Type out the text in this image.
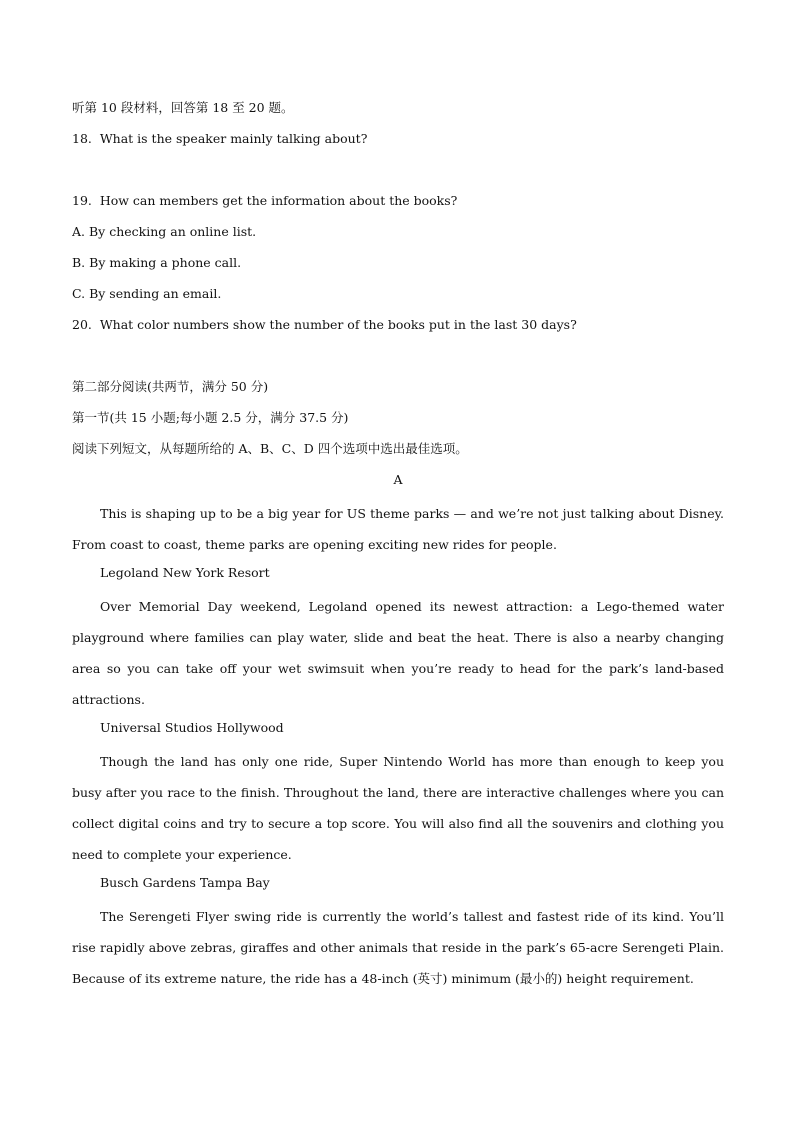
听第 10 段材料，回答第 18 至 20 题。
18.  What is the speaker mainly talking about?

19.  How can members get the information about the books?
A. By checking an online list.
B. By making a phone call.
C. By sending an email.
20.  What color numbers show the number of the books put in the last 30 days?

第二部分阅读(共两节，满分 50 分)
第一节(共 15 小题;每小题 2.5 分，满分 37.5 分)
阅读下列短文，从每题所给的 A、B、C、D 四个选项中选出最佳选项。
A

This is shaping up to be a big year for US theme parks — and we’re not just talking about Disney. From coast to coast, theme parks are opening exciting new rides for people.

Legoland New York Resort

Over Memorial Day weekend, Legoland opened its newest attraction: a Lego-themed water playground where families can play water, slide and beat the heat. There is also a nearby changing area so you can take off your wet swimsuit when you’re ready to head for the park’s land-based attractions.

Universal Studios Hollywood

Though the land has only one ride, Super Nintendo World has more than enough to keep you busy after you race to the finish. Throughout the land, there are interactive challenges where you can collect digital coins and try to secure a top score. You will also find all the souvenirs and clothing you need to complete your experience.

Busch Gardens Tampa Bay

The Serengeti Flyer swing ride is currently the world’s tallest and fastest ride of its kind. You’ll rise rapidly above zebras, giraffes and other animals that reside in the park’s 65-acre Serengeti Plain. Because of its extreme nature, the ride has a 48-inch (英寸) minimum (最小的) height requirement.
